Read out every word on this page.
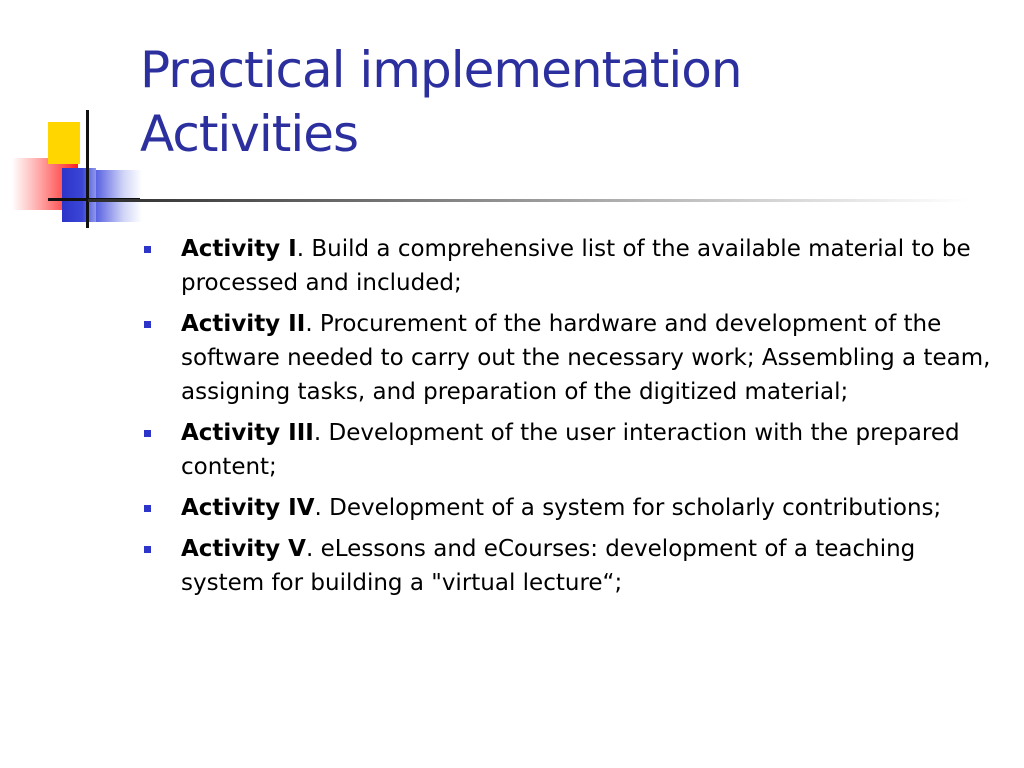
Practical implementation
Activities
Activity I. Build a comprehensive list of the available material to be processed and included;
Activity II. Procurement of the hardware and development of the software needed to carry out the necessary work; Assembling a team, assigning tasks, and preparation of the digitized material;
Activity III. Development of the user interaction with the prepared content;
Activity IV. Development of a system for scholarly contributions;
Activity V. eLessons and eCourses: development of a teaching system for building a "virtual lecture“;
